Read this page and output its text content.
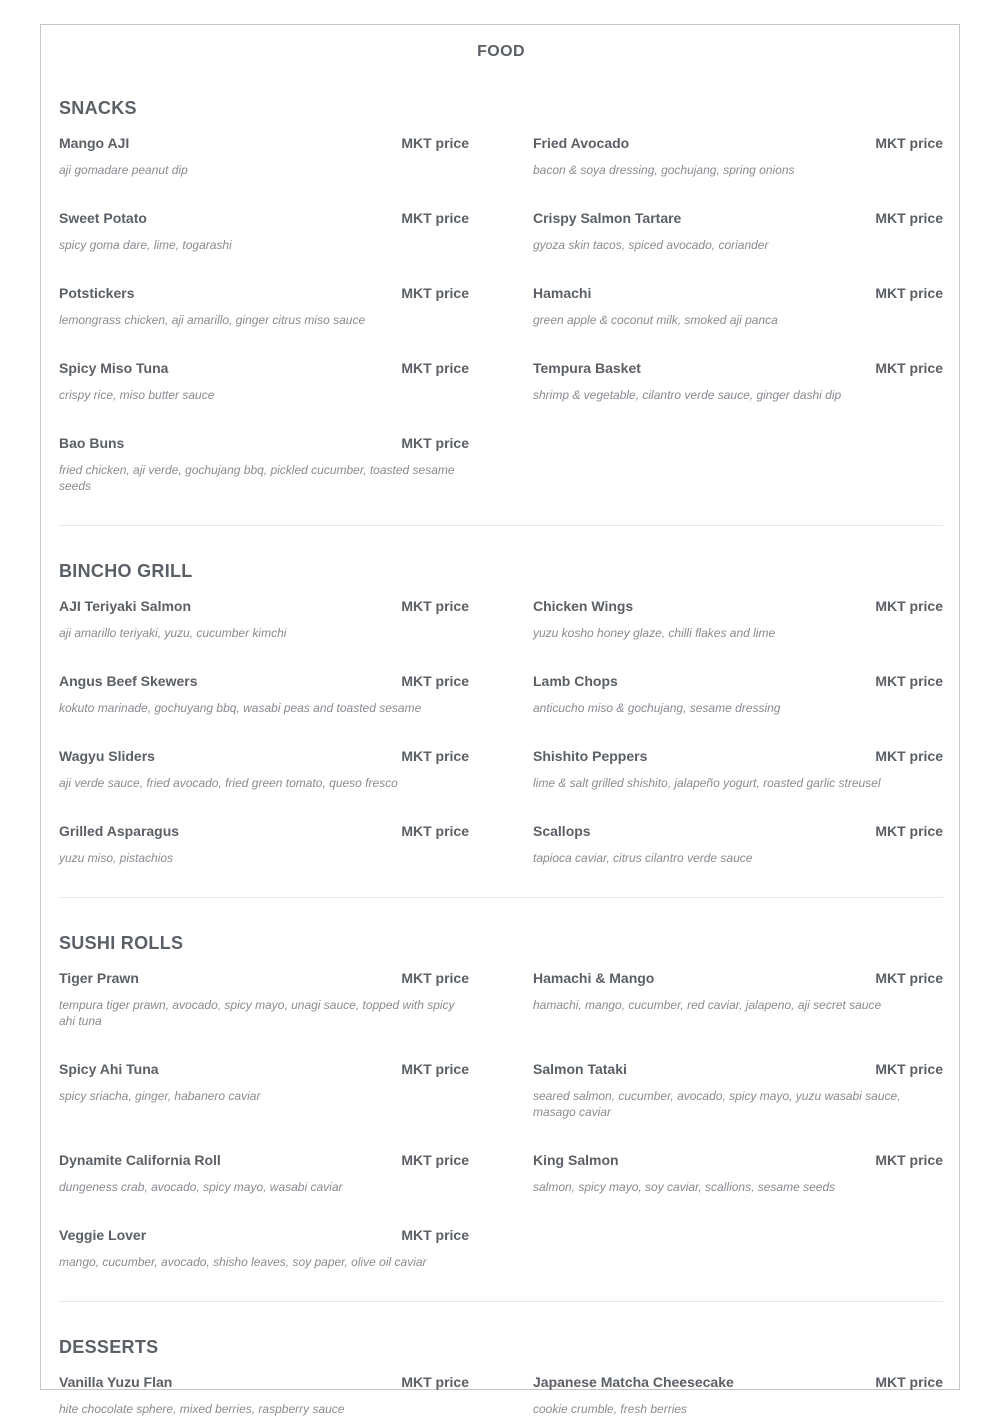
FOOD
SNACKS
Mango AJI	MKT price
aji gomadare peanut dip
Fried Avocado	MKT price
bacon & soya dressing, gochujang, spring onions
Sweet Potato	MKT price
spicy goma dare, lime, togarashi
Crispy Salmon Tartare	MKT price
gyoza skin tacos, spiced avocado, coriander
Potstickers	MKT price
lemongrass chicken, aji amarillo, ginger citrus miso sauce
Hamachi	MKT price
green apple & coconut milk, smoked aji panca
Spicy Miso Tuna	MKT price
crispy rice, miso butter sauce
Tempura Basket	MKT price
shrimp & vegetable, cilantro verde sauce, ginger dashi dip
Bao Buns	MKT price
fried chicken, aji verde, gochujang bbq, pickled cucumber, toasted sesame seeds
BINCHO GRILL
AJI Teriyaki Salmon	MKT price
aji amarillo teriyaki, yuzu, cucumber kimchi
Chicken Wings	MKT price
yuzu kosho honey glaze, chilli flakes and lime
Angus Beef Skewers	MKT price
kokuto marinade, gochuyang bbq, wasabi peas and toasted sesame
Lamb Chops	MKT price
anticucho miso & gochujang, sesame dressing
Wagyu Sliders	MKT price
aji verde sauce, fried avocado, fried green tomato, queso fresco
Shishito Peppers	MKT price
lime & salt grilled shishito, jalapeño yogurt, roasted garlic streusel
Grilled Asparagus	MKT price
yuzu miso, pistachios
Scallops	MKT price
tapioca caviar, citrus cilantro verde sauce
SUSHI ROLLS
Tiger Prawn	MKT price
tempura tiger prawn, avocado, spicy mayo, unagi sauce, topped with spicy ahi tuna
Hamachi & Mango	MKT price
hamachi, mango, cucumber, red caviar, jalapeno, aji secret sauce
Spicy Ahi Tuna	MKT price
spicy sriacha, ginger, habanero caviar
Salmon Tataki	MKT price
seared salmon, cucumber, avocado, spicy mayo, yuzu wasabi sauce, masago caviar
Dynamite California Roll	MKT price
dungeness crab, avocado, spicy mayo, wasabi caviar
King Salmon	MKT price
salmon, spicy mayo, soy caviar, scallions, sesame seeds
Veggie Lover	MKT price
mango, cucumber, avocado, shisho leaves, soy paper, olive oil caviar
DESSERTS
Vanilla Yuzu Flan	MKT price
hite chocolate sphere, mixed berries, raspberry sauce
Japanese Matcha Cheesecake	MKT price
cookie crumble, fresh berries
